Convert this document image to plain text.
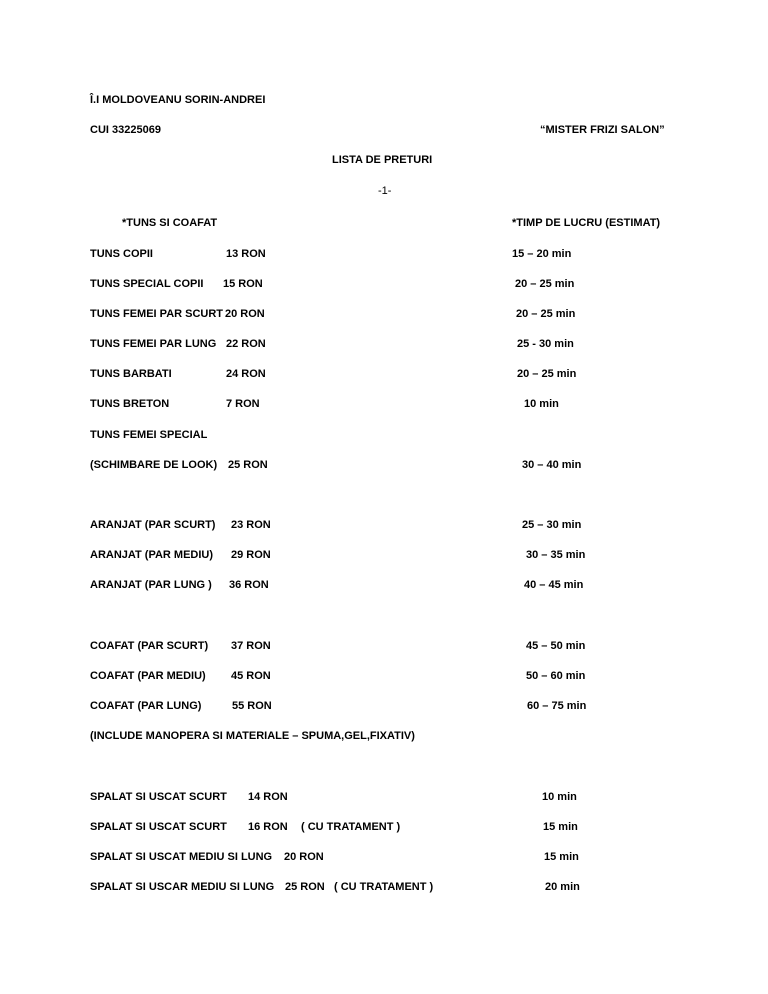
Î.I MOLDOVEANU SORIN-ANDREI
CUI 33225069	“MISTER FRIZI SALON”
LISTA DE PRETURI
-1-
*TUNS SI COAFAT	*TIMP DE LUCRU (ESTIMAT)
TUNS COPII	13 RON	15 – 20 min
TUNS SPECIAL COPII 15 RON	20 – 25 min
TUNS FEMEI PAR SCURT 20 RON	20 – 25 min
TUNS FEMEI PAR LUNG 22 RON	25 - 30 min
TUNS BARBATI	24 RON	20 – 25 min
TUNS BRETON	7 RON	10 min
TUNS FEMEI SPECIAL
(SCHIMBARE DE LOOK) 25 RON	30 – 40 min
ARANJAT (PAR SCURT) 23 RON	25 – 30 min
ARANJAT (PAR MEDIU) 29 RON	30 – 35 min
ARANJAT (PAR LUNG ) 36 RON	40 – 45 min
COAFAT (PAR SCURT) 37 RON	45 – 50 min
COAFAT (PAR MEDIU) 45 RON	50 – 60 min
COAFAT (PAR LUNG)	55 RON	60 – 75 min
(INCLUDE MANOPERA SI MATERIALE – SPUMA,GEL,FIXATIV)
SPALAT SI USCAT SCURT 14 RON	10 min
SPALAT SI USCAT SCURT 16 RON ( CU TRATAMENT )	15 min
SPALAT SI USCAT MEDIU SI LUNG 20 RON	15 min
SPALAT SI USCAR MEDIU SI LUNG 25 RON ( CU TRATAMENT )	20 min
